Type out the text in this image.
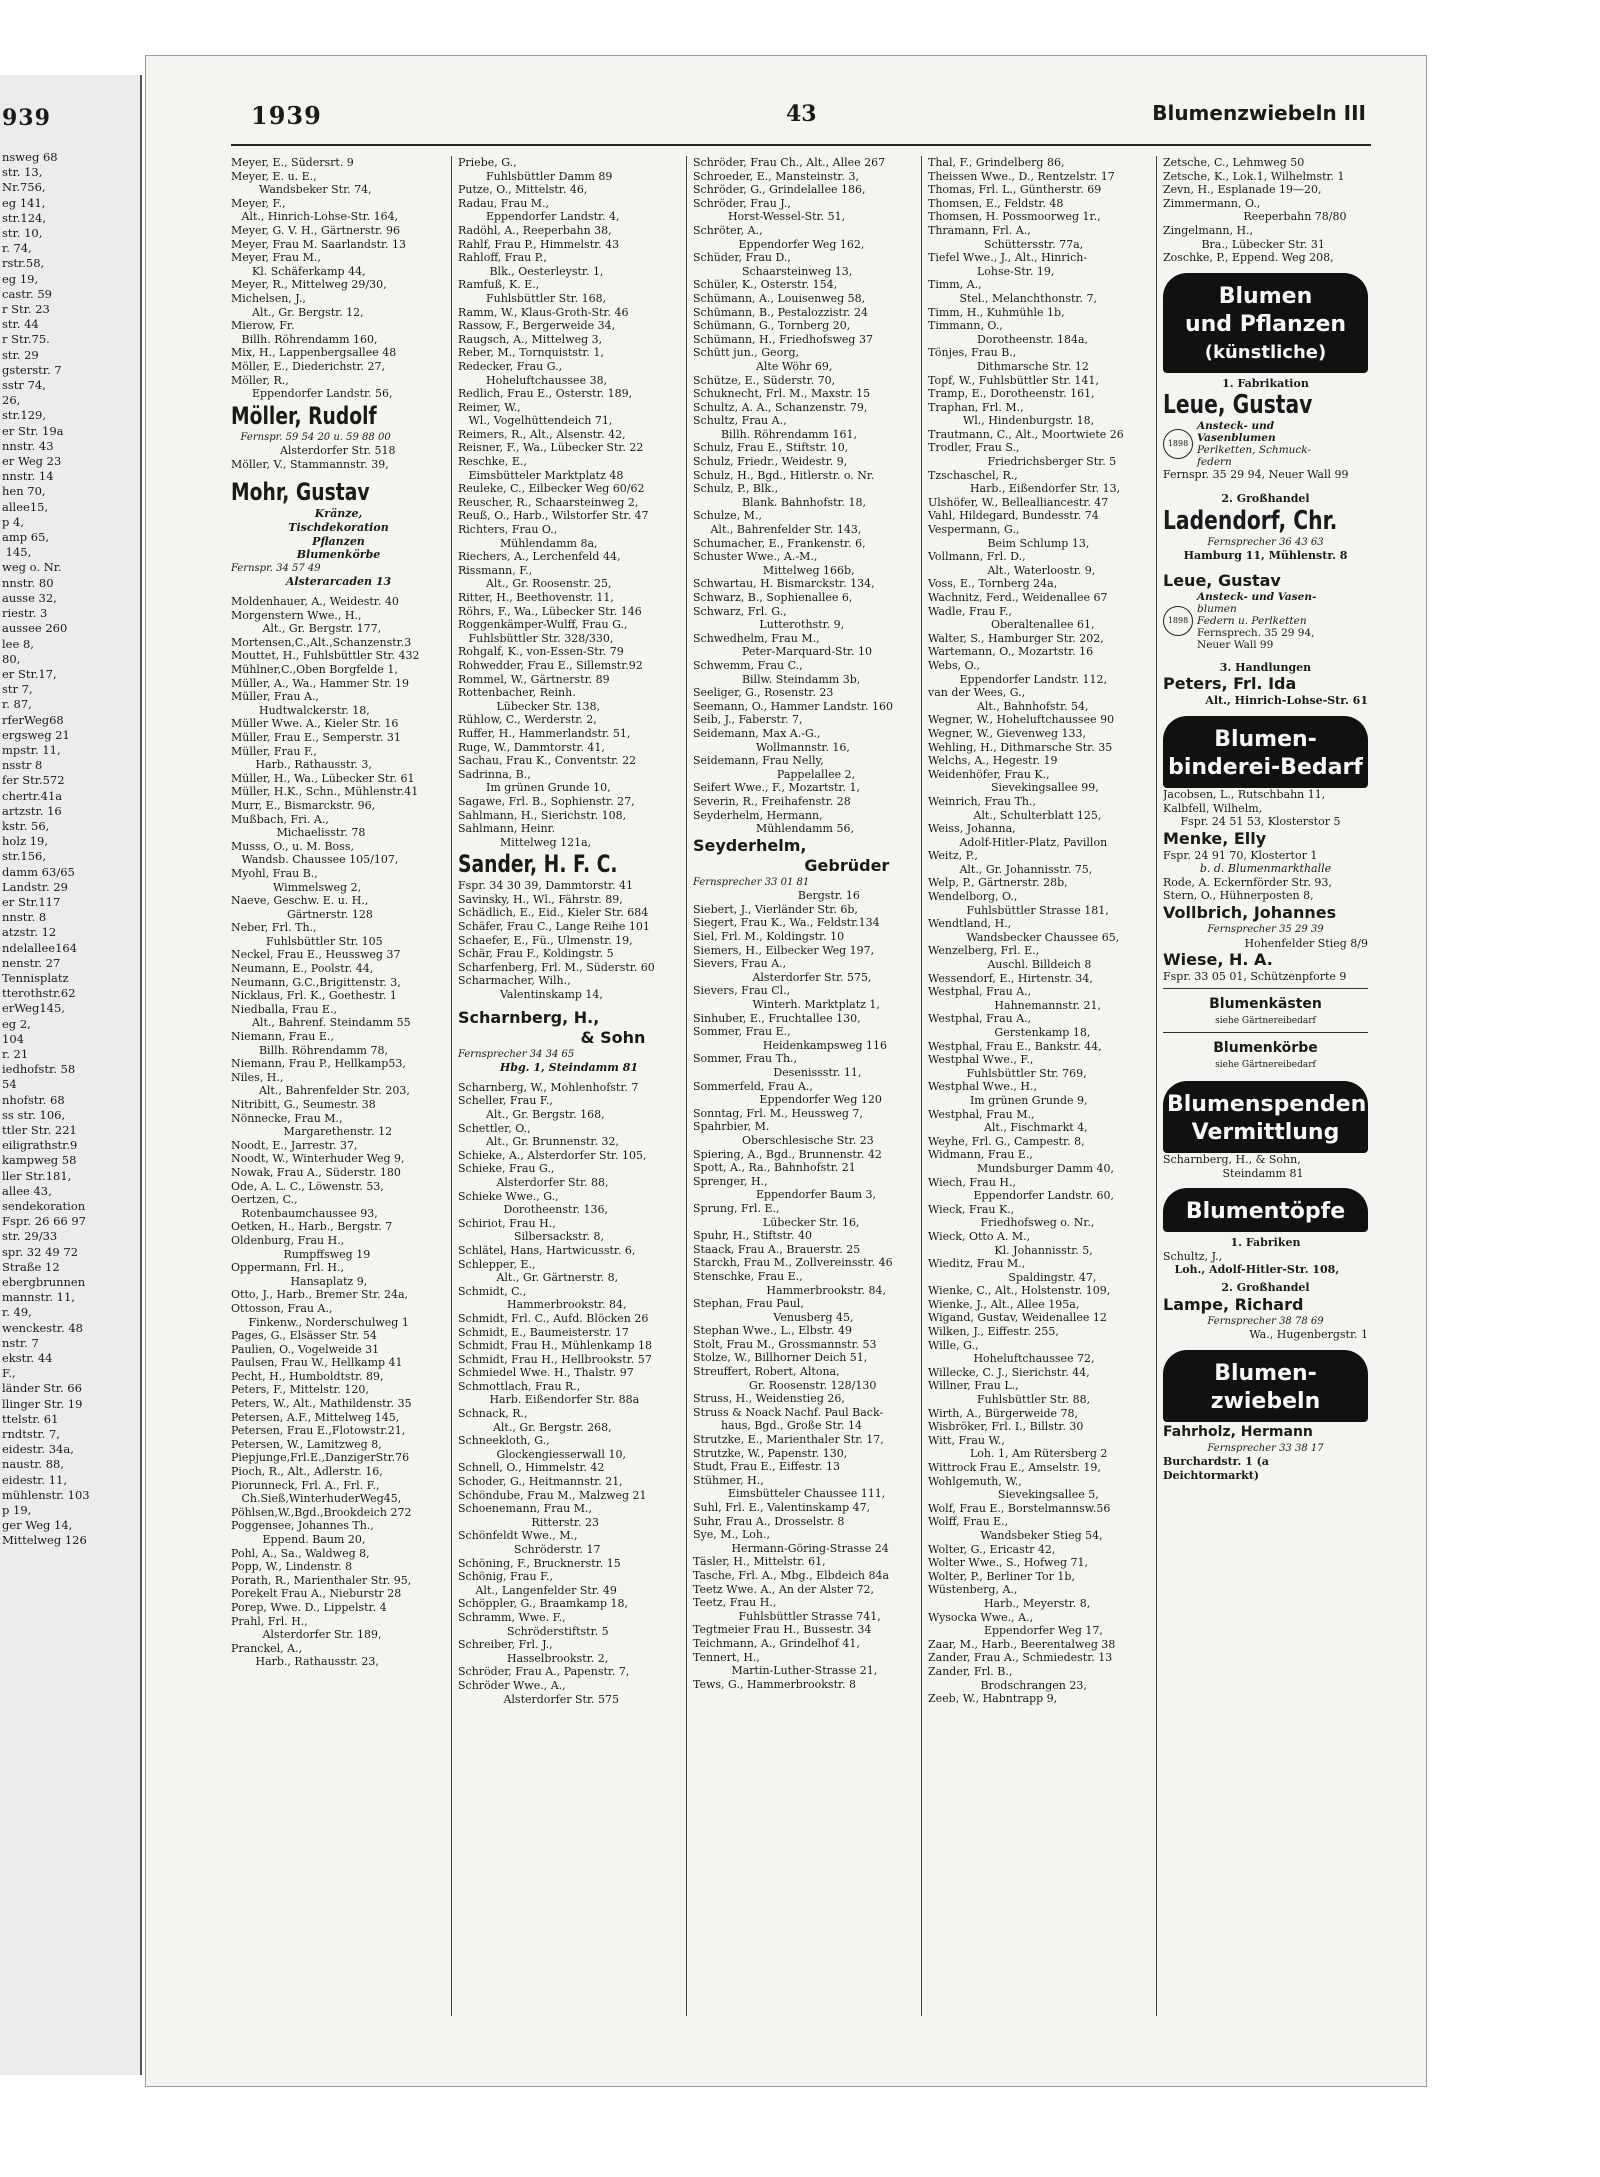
939
nsweg 68
str. 13,
Nr.756,
eg 141,
str.124,
str. 10,
r. 74,
rstr.58,
eg 19,
castr. 59
r Str. 23
str. 44
r Str.75.
str. 29
gsterstr. 7
sstr 74,
26,
str.129,
er Str. 19a
nnstr. 43
er Weg 23
nnstr. 14
hen 70,
allee15,
p 4,
amp 65,
145,
weg o. Nr.
nnstr. 80
ausse 32,
riestr. 3
aussee 260
lee 8,
80,
er Str.17,
str 7,
r. 87,
rferWeg68
ergsweg 21
mpstr. 11,
nsstr 8
fer Str.572
chertr.41a
artzstr. 16
kstr. 56,
holz 19,
str.156,
damm 63/65
Landstr. 29
er Str.117
nnstr. 8
atzstr. 12
ndelallee164
nenstr. 27
Tennisplatz
tterothstr.62
erWeg145,
eg 2,
104
r. 21
iedhofstr. 58
54
nhofstr. 68
ss str. 106,
ttler Str. 221
eiligrathstr.9
kampweg 58
ller Str.181,
allee 43,
sendekoration
Fspr. 26 66 97
str. 29/33
spr. 32 49 72
Straße 12
ebergbrunnen
mannstr. 11,
r. 49,
wenckestr. 48
nstr. 7
ekstr. 44
F.,
länder Str. 66
llinger Str. 19
ttelstr. 61
rndtstr. 7,
eidestr. 34a,
naustr. 88,
eidestr. 11,
mühlenstr. 103
p 19,
ger Weg 14,
Mittelweg 126
1939	43	Blumenzwiebeln III
Meyer, E., Südersrt. 9
Meyer, E. u. E.,
Wandsbeker Str. 74,
Meyer, F.,
Alt., Hinrich-Lohse-Str. 164,
Meyer, G. V. H., Gärtnerstr. 96
Meyer, Frau M. Saarlandstr. 13
Meyer, Frau M.,
Kl. Schäferkamp 44,
Meyer, R., Mittelweg 29/30,
Michelsen, J.,
Alt., Gr. Bergstr. 12,
Mierow, Fr.
Billh. Röhrendamm 160,
Mix, H., Lappenbergsallee 48
Möller, E., Diederichstr. 27,
Möller, R.,
Eppendorfer Landstr. 56,
Möller, Rudolf
Fernspr. 59 54 20 u. 59 88 00
Alsterdorfer Str. 518
Möller, V., Stammannstr. 39,
Mohr, Gustav
Kränze,
Tischdekoration
Pflanzen
Blumenkörbe
Fernspr. 34 57 49
Alsterarcaden 13
Moldenhauer, A., Weidestr. 40
Morgenstern Wwe., H.,
Alt., Gr. Bergstr. 177,
Mortensen,C.,Alt.,Schanzenstr.3
Mouttet, H., Fuhlsbüttler Str. 432
Mühlner,C.,Oben Borgfelde 1,
Müller, A., Wa., Hammer Str. 19
Müller, Frau A.,
Hudtwalckerstr. 18,
Müller Wwe. A., Kieler Str. 16
Müller, Frau E., Semperstr. 31
Müller, Frau F.,
Harb., Rathausstr. 3,
Müller, H., Wa., Lübecker Str. 61
Müller, H.K., Schn., Mühlenstr.41
Murr, E., Bismarckstr. 96,
Mußbach, Fri. A.,
Michaelisstr. 78
Musss, O., u. M. Boss,
Wandsb. Chaussee 105/107,
Myohl, Frau B.,
Wimmelsweg 2,
Naeve, Geschw. E. u. H.,
Gärtnerstr. 128
Neber, Frl. Th.,
Fuhlsbüttler Str. 105
Neckel, Frau E., Heussweg 37
Neumann, E., Poolstr. 44,
Neumann, G.C.,Brigittenstr. 3,
Nicklaus, Frl. K., Goethestr. 1
Niedballa, Frau E.,
Alt., Bahrenf. Steindamm 55
Niemann, Frau E.,
Billh. Röhrendamm 78,
Niemann, Frau P., Hellkamp53,
Niles, H.,
Alt., Bahrenfelder Str. 203,
Nitribitt, G., Seumestr. 38
Nönnecke, Frau M.,
Margarethenstr. 12
Noodt, E., Jarrestr. 37,
Noodt, W., Winterhuder Weg 9,
Nowak, Frau A., Süderstr. 180
Ode, A. L. C., Löwenstr. 53,
Oertzen, C.,
Rotenbaumchaussee 93,
Oetken, H., Harb., Bergstr. 7
Oldenburg, Frau H.,
Rumpffsweg 19
Oppermann, Frl. H.,
Hansaplatz 9,
Otto, J., Harb., Bremer Str. 24a,
Ottosson, Frau A.,
Finkenw., Norderschulweg 1
Pages, G., Elsässer Str. 54
Paulien, O., Vogelweide 31
Paulsen, Frau W., Hellkamp 41
Pecht, H., Humboldtstr. 89,
Peters, F., Mittelstr. 120,
Peters, W., Alt., Mathildenstr. 35
Petersen, A.F., Mittelweg 145,
Petersen, Frau E.,Flotowstr.21,
Petersen, W., Lamitzweg 8,
Piepjunge,Frl.E.,DanzigerStr.76
Pioch, R., Alt., Adlerstr. 16,
Piorunneck, Frl. A., Frl. F.,
Ch.Sieß,WinterhuderWeg45,
Pöhlsen,W.,Bgd.,Brookdeich 272
Poggensee, Johannes Th.,
Eppend. Baum 20,
Pohl, A., Sa., Waldweg 8,
Popp, W., Lindenstr. 8
Porath, R., Marienthaler Str. 95,
Porekelt Frau A., Nieburstr 28
Porep, Wwe. D., Lippelstr. 4
Prahl, Frl. H.,
Alsterdorfer Str. 189,
Pranckel, A.,
Harb., Rathausstr. 23,
Priebe, G.,
Fuhlsbüttler Damm 89
Putze, O., Mittelstr. 46,
Radau, Frau M.,
Eppendorfer Landstr. 4,
Radöhl, A., Reeperbahn 38,
Rahlf, Frau P., Himmelstr. 43
Rahloff, Frau P.,
Blk., Oesterleystr. 1,
Ramfuß, K. E.,
Fuhlsbüttler Str. 168,
Ramm, W., Klaus-Groth-Str. 46
Rassow, F., Bergerweide 34,
Raugsch, A., Mittelweg 3,
Reber, M., Tornquiststr. 1,
Redecker, Frau G.,
Hoheluftchaussee 38,
Redlich, Frau E., Osterstr. 189,
Reimer, W.,
Wl., Vogelhüttendeich 71,
Reimers, R., Alt., Alsenstr. 42,
Reisner, F., Wa., Lübecker Str. 22
Reschke, E.,
Eimsbütteler Marktplatz 48
Reuleke, C., Eilbecker Weg 60/62
Reuscher, R., Schaarsteinweg 2,
Reuß, O., Harb., Wilstorfer Str. 47
Richters, Frau O.,
Mühlendamm 8a,
Riechers, A., Lerchenfeld 44,
Rissmann, F.,
Alt., Gr. Roosenstr. 25,
Ritter, H., Beethovenstr. 11,
Röhrs, F., Wa., Lübecker Str. 146
Roggenkämper-Wulff, Frau G.,
Fuhlsbüttler Str. 328/330,
Rohgalf, K., von-Essen-Str. 79
Rohwedder, Frau E., Sillemstr.92
Rommel, W., Gärtnerstr. 89
Rottenbacher, Reinh.
Lübecker Str. 138,
Rühlow, C., Werderstr. 2,
Ruffer, H., Hammerlandstr. 51,
Ruge, W., Dammtorstr. 41,
Sachau, Frau K., Conventstr. 22
Sadrinna, B.,
Im grünen Grunde 10,
Sagawe, Frl. B., Sophienstr. 27,
Sahlmann, H., Sierichstr. 108,
Sahlmann, Heinr.
Mittelweg 121a,
Sander, H. F. C.
Fspr. 34 30 39, Dammtorstr. 41
Savinsky, H., Wl., Fährstr. 89,
Schädlich, E., Eid., Kieler Str. 684
Schäfer, Frau C., Lange Reihe 101
Schaefer, E., Fü., Ulmenstr. 19,
Schär, Frau F., Koldingstr. 5
Scharfenberg, Frl. M., Süderstr. 60
Scharmacher, Wilh.,
Valentinskamp 14,
Scharnberg, H.,
& Sohn
Fernsprecher 34 34 65
Hbg. 1, Steindamm 81
Scharnberg, W., Mohlenhofstr. 7
Scheller, Frau F.,
Alt., Gr. Bergstr. 168,
Schettler, O.,
Alt., Gr. Brunnenstr. 32,
Schieke, A., Alsterdorfer Str. 105,
Schieke, Frau G.,
Alsterdorfer Str. 88,
Schieke Wwe., G.,
Dorotheenstr. 136,
Schiriot, Frau H.,
Silbersackstr. 8,
Schlätel, Hans, Hartwicusstr. 6,
Schlepper, E.,
Alt., Gr. Gärtnerstr. 8,
Schmidt, C.,
Hammerbrookstr. 84,
Schmidt, Frl. C., Aufd. Blöcken 26
Schmidt, E., Baumeisterstr. 17
Schmidt, Frau H., Mühlenkamp 18
Schmidt, Frau H., Hellbrookstr. 57
Schmiedel Wwe. H., Thalstr. 97
Schmottlach, Frau R.,
Harb. Eißendorfer Str. 88a
Schnack, R.,
Alt., Gr. Bergstr. 268,
Schneekloth, G.,
Glockengiesserwall 10,
Schnell, O., Himmelstr. 42
Schoder, G., Heitmannstr. 21,
Schöndube, Frau M., Malzweg 21
Schoenemann, Frau M.,
Ritterstr. 23
Schönfeldt Wwe., M.,
Schröderstr. 17
Schöning, F., Brucknerstr. 15
Schönig, Frau F.,
Alt., Langenfelder Str. 49
Schöppler, G., Braamkamp 18,
Schramm, Wwe. F.,
Schröderstiftstr. 5
Schreiber, Frl. J.,
Hasselbrookstr. 2,
Schröder, Frau A., Papenstr. 7,
Schröder Wwe., A.,
Alsterdorfer Str. 575
Schröder, Frau Ch., Alt., Allee 267
Schroeder, E., Mansteinstr. 3,
Schröder, G., Grindelallee 186,
Schröder, Frau J.,
Horst-Wessel-Str. 51,
Schröter, A.,
Eppendorfer Weg 162,
Schüder, Frau D.,
Schaarsteinweg 13,
Schüler, K., Osterstr. 154,
Schümann, A., Louisenweg 58,
Schümann, B., Pestalozzistr. 24
Schümann, G., Tornberg 20,
Schümann, H., Friedhofsweg 37
Schütt jun., Georg,
Alte Wöhr 69,
Schütze, E., Süderstr. 70,
Schuknecht, Frl. M., Maxstr. 15
Schultz, A. A., Schanzenstr. 79,
Schultz, Frau A.,
Billh. Röhrendamm 161,
Schulz, Frau E., Stiftstr. 10,
Schulz, Friedr., Weidestr. 9,
Schulz, H., Bgd., Hitlerstr. o. Nr.
Schulz, P., Blk.,
Blank. Bahnhofstr. 18,
Schulze, M.,
Alt., Bahrenfelder Str. 143,
Schumacher, E., Frankenstr. 6,
Schuster Wwe., A.-M.,
Mittelweg 166b,
Schwartau, H. Bismarckstr. 134,
Schwarz, B., Sophienallee 6,
Schwarz, Frl. G.,
Lutterothstr. 9,
Schwedhelm, Frau M.,
Peter-Marquard-Str. 10
Schwemm, Frau C.,
Billw. Steindamm 3b,
Seeliger, G., Rosenstr. 23
Seemann, O., Hammer Landstr. 160
Seib, J., Faberstr. 7,
Seidemann, Max A.-G.,
Wollmannstr. 16,
Seidemann, Frau Nelly,
Pappelallee 2,
Seifert Wwe., F., Mozartstr. 1,
Severin, R., Freihafenstr. 28
Seyderhelm, Hermann,
Mühlendamm 56,
Seyderhelm,
Gebrüder
Fernsprecher 33 01 81
Bergstr. 16
Siebert, J., Vierländer Str. 6b,
Siegert, Frau K., Wa., Feldstr.134
Siel, Frl. M., Koldingstr. 10
Siemers, H., Eilbecker Weg 197,
Sievers, Frau A.,
Alsterdorfer Str. 575,
Sievers, Frau Cl.,
Winterh. Marktplatz 1,
Sinhuber, E., Fruchtallee 130,
Sommer, Frau E.,
Heidenkampsweg 116
Sommer, Frau Th.,
Desenissstr. 11,
Sommerfeld, Frau A.,
Eppendorfer Weg 120
Sonntag, Frl. M., Heussweg 7,
Spahrbier, M.
Oberschlesische Str. 23
Spiering, A., Bgd., Brunnenstr. 42
Spott, A., Ra., Bahnhofstr. 21
Sprenger, H.,
Eppendorfer Baum 3,
Sprung, Frl. E.,
Lübecker Str. 16,
Spuhr, H., Stiftstr. 40
Staack, Frau A., Brauerstr. 25
Starckh, Frau M., Zollvereinsstr. 46
Stenschke, Frau E.,
Hammerbrookstr. 84,
Stephan, Frau Paul,
Venusberg 45,
Stephan Wwe., L., Elbstr. 49
Stolt, Frau M., Grossmannstr. 53
Stolze, W., Billhorner Deich 51,
Streuffert, Robert, Altona,
Gr. Roosenstr. 128/130
Struss, H., Weidenstieg 26,
Struss & Noack Nachf. Paul Back-
haus, Bgd., Große Str. 14
Strutzke, E., Marienthaler Str. 17,
Strutzke, W., Papenstr. 130,
Studt, Frau E., Eiffestr. 13
Stühmer, H.,
Eimsbütteler Chaussee 111,
Suhl, Frl. E., Valentinskamp 47,
Suhr, Frau A., Drosselstr. 8
Sye, M., Loh.,
Hermann-Göring-Strasse 24
Täsler, H., Mittelstr. 61,
Tasche, Frl. A., Mbg., Elbdeich 84a
Teetz Wwe. A., An der Alster 72,
Teetz, Frau H.,
Fuhlsbüttler Strasse 741,
Tegtmeier Frau H., Bussestr. 34
Teichmann, A., Grindelhof 41,
Tennert, H.,
Martin-Luther-Strasse 21,
Tews, G., Hammerbrookstr. 8
Thal, F., Grindelberg 86,
Theissen Wwe., D., Rentzelstr. 17
Thomas, Frl. L., Güntherstr. 69
Thomsen, E., Feldstr. 48
Thomsen, H. Possmoorweg 1r.,
Thramann, Frl. A.,
Schüttersstr. 77a,
Tiefel Wwe., J., Alt., Hinrich-
Lohse-Str. 19,
Timm, A.,
Stel., Melanchthonstr. 7,
Timm, H., Kuhmühle 1b,
Timmann, O.,
Dorotheenstr. 184a,
Tönjes, Frau B.,
Dithmarsche Str. 12
Topf, W., Fuhlsbüttler Str. 141,
Tramp, E., Dorotheenstr. 161,
Traphan, Frl. M.,
Wl., Hindenburgstr. 18,
Trautmann, C., Alt., Moortwiete 26
Trodler, Frau S.,
Friedrichsberger Str. 5
Tzschaschel, R.,
Harb., Eißendorfer Str. 13,
Ulshöfer, W., Bellealliancestr. 47
Vahl, Hildegard, Bundesstr. 74
Vespermann, G.,
Beim Schlump 13,
Vollmann, Frl. D.,
Alt., Waterloostr. 9,
Voss, E., Tornberg 24a,
Wachnitz, Ferd., Weidenallee 67
Wadle, Frau F.,
Oberaltenallee 61,
Walter, S., Hamburger Str. 202,
Wartemann, O., Mozartstr. 16
Webs, O.,
Eppendorfer Landstr. 112,
van der Wees, G.,
Alt., Bahnhofstr. 54,
Wegner, W., Hoheluftchaussee 90
Wegner, W., Gievenweg 133,
Wehling, H., Dithmarsche Str. 35
Welchs, A., Hegestr. 19
Weidenhöfer, Frau K.,
Sievekingsallee 99,
Weinrich, Frau Th.,
Alt., Schulterblatt 125,
Weiss, Johanna,
Adolf-Hitler-Platz, Pavillon
Weitz, P.,
Alt., Gr. Johannisstr. 75,
Welp, P., Gärtnerstr. 28b,
Wendelborg, O.,
Fuhlsbüttler Strasse 181,
Wendtland, H.,
Wandsbecker Chaussee 65,
Wenzelberg, Frl. E.,
Auschl. Billdeich 8
Wessendorf, E., Hirtenstr. 34,
Westphal, Frau A.,
Hahnemannstr. 21,
Westphal, Frau A.,
Gerstenkamp 18,
Westphal, Frau E., Bankstr. 44,
Westphal Wwe., F.,
Fuhlsbüttler Str. 769,
Westphal Wwe., H.,
Im grünen Grunde 9,
Westphal, Frau M.,
Alt., Fischmarkt 4,
Weyhe, Frl. G., Campestr. 8,
Widmann, Frau E.,
Mundsburger Damm 40,
Wiech, Frau H.,
Eppendorfer Landstr. 60,
Wieck, Frau K.,
Friedhofsweg o. Nr.,
Wieck, Otto A. M.,
Kl. Johannisstr. 5,
Wieditz, Frau M.,
Spaldingstr. 47,
Wienke, C., Alt., Holstenstr. 109,
Wienke, J., Alt., Allee 195a,
Wigand, Gustav, Weidenallee 12
Wilken, J., Eiffestr. 255,
Wille, G.,
Hoheluftchaussee 72,
Willecke, C. J., Sierichstr. 44,
Willner, Frau L.,
Fuhlsbüttler Str. 88,
Wirth, A., Bürgerweide 78,
Wisbröker, Frl. I., Billstr. 30
Witt, Frau W.,
Loh. 1, Am Rütersberg 2
Wittrock Frau E., Amselstr. 19,
Wohlgemuth, W.,
Sievekingsallee 5,
Wolf, Frau E., Borstelmannsw.56
Wolff, Frau E.,
Wandsbeker Stieg 54,
Wolter, G., Ericastr 42,
Wolter Wwe., S., Hofweg 71,
Wolter, P., Berliner Tor 1b,
Wüstenberg, A.,
Harb., Meyerstr. 8,
Wysocka Wwe., A.,
Eppendorfer Weg 17,
Zaar, M., Harb., Beerentalweg 38
Zander, Frau A., Schmiedestr. 13
Zander, Frl. B.,
Brodschrangen 23,
Zeeb, W., Habntrapp 9,
Zetsche, C., Lehmweg 50
Zetsche, K., Lok.1, Wilhelmstr. 1
Zevn, H., Esplanade 19—20,
Zimmermann, O.,
Reeperbahn 78/80
Zingelmann, H.,
Bra., Lübecker Str. 31
Zoschke, P., Eppend. Weg 208,
Blumen
und Pflanzen
(künstliche)
1. Fabrikation
Leue, Gustav
1898
Ansteck- und
Vasenblumen
Perlketten, Schmuck-
federn
Fernspr. 35 29 94, Neuer Wall 99
2. Großhandel
Ladendorf, Chr.
Fernsprecher 36 43 63
Hamburg 11, Mühlenstr. 8
Leue, Gustav
1898
Ansteck- und Vasen-
blumen
Federn u. Perlketten
Fernsprech. 35 29 94,
Neuer Wall 99
3. Handlungen
Peters, Frl. Ida
Alt., Hinrich-Lohse-Str. 61
Blumen-
binderei-Bedarf
Jacobsen, L., Rutschbahn 11,
Kalbfell, Wilhelm,
Fspr. 24 51 53, Klosterstor 5
Menke, Elly
Fspr. 24 91 70, Klostertor 1
b. d. Blumenmarkthalle
Rode, A. Eckernförder Str. 93,
Stern, O., Hühnerposten 8,
Vollbrich, Johannes
Fernsprecher 35 29 39
Hohenfelder Stieg 8/9
Wiese, H. A.
Fspr. 33 05 01, Schützenpforte 9
Blumenkästen
siehe Gärtnereibedarf
Blumenkörbe
siehe Gärtnereibedarf
Blumenspenden
Vermittlung
Scharnberg, H., & Sohn,
Steindamm 81
Blumentöpfe
1. Fabriken
Schultz, J.,
Loh., Adolf-Hitler-Str. 108,
2. Großhandel
Lampe, Richard
Fernsprecher 38 78 69
Wa., Hugenbergstr. 1
Blumen-
zwiebeln
Fahrholz, Hermann
Fernsprecher 33 38 17
Burchardstr. 1 (a Deichtormarkt)
